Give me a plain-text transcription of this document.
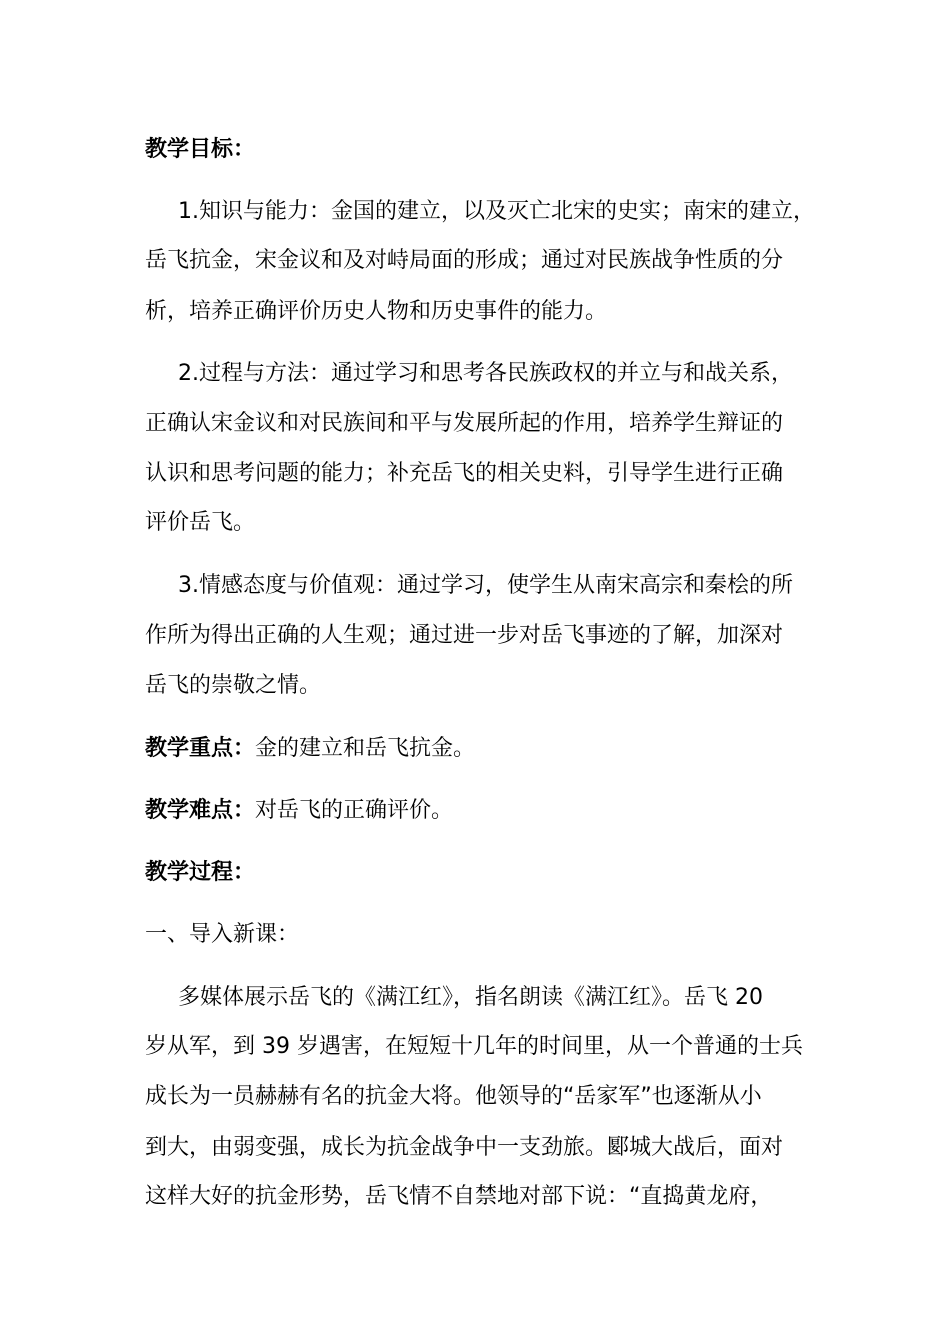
教学目标：

1.知识与能力：金国的建立，以及灭亡北宋的史实；南宋的建立，

岳飞抗金，宋金议和及对峙局面的形成；通过对民族战争性质的分

析，培养正确评价历史人物和历史事件的能力。

2.过程与方法：通过学习和思考各民族政权的并立与和战关系，

正确认宋金议和对民族间和平与发展所起的作用，培养学生辩证的

认识和思考问题的能力；补充岳飞的相关史料，引导学生进行正确

评价岳飞。

3.情感态度与价值观：通过学习，使学生从南宋高宗和秦桧的所

作所为得出正确的人生观；通过进一步对岳飞事迹的了解，加深对

岳飞的崇敬之情。

教学重点：金的建立和岳飞抗金。

教学难点：对岳飞的正确评价。

教学过程：

一、导入新课：

多媒体展示岳飞的《满江红》，指名朗读《满江红》。岳飞 20

岁从军，到 39 岁遇害，在短短十几年的时间里，从一个普通的士兵

成长为一员赫赫有名的抗金大将。他领导的“岳家军”也逐渐从小

到大，由弱变强，成长为抗金战争中一支劲旅。郾城大战后，面对

这样大好的抗金形势，岳飞情不自禁地对部下说：“直捣黄龙府，
